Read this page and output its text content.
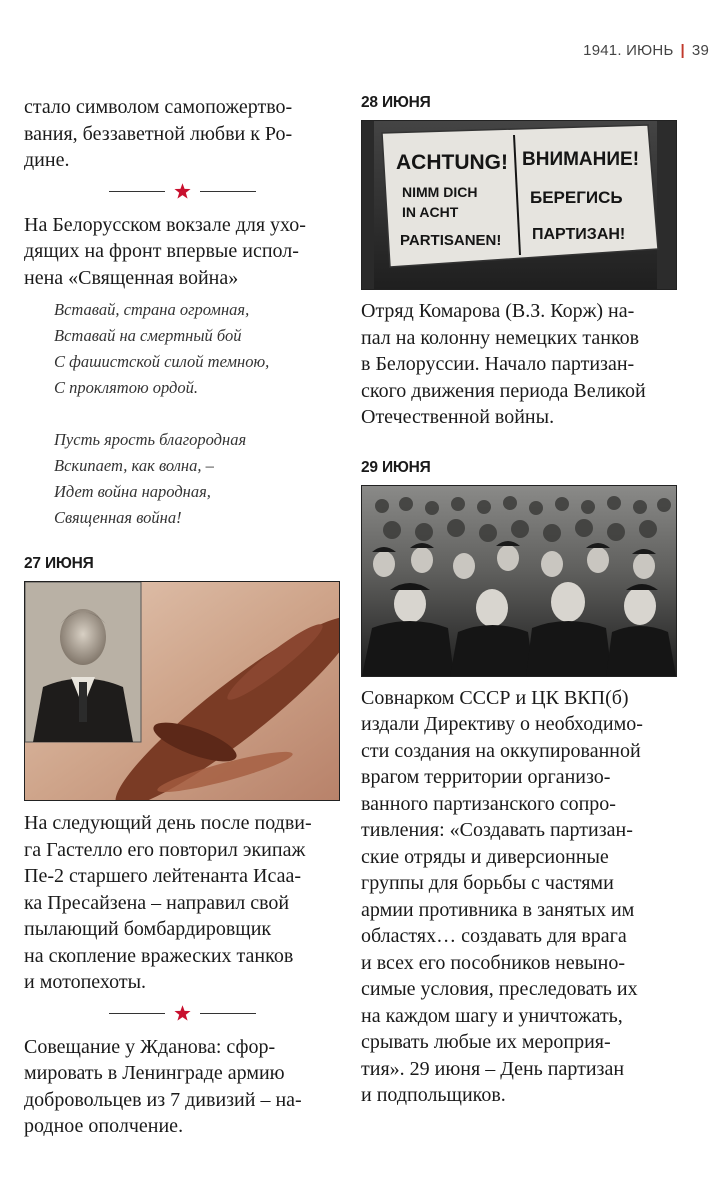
1941. ИЮНЬ | 39

стало символом самопожертво-
вания, беззаветной любви к Ро-
дине.

На Белорусском вокзале для ухо-
дящих на фронт впервые испол-
нена «Священная война»

Вставай, страна огромная,
Вставай на смертный бой
С фашистской силой темною,
С проклятою ордой.
Пусть ярость благородная
Вскипает, как волна, –
Идет война народная,
Священная война!
27 ИЮНЯ

На следующий день после подви-
га Гастелло его повторил экипаж
Пе-2 старшего лейтенанта Исаа-
ка Пресайзена – направил свой
пылающий бомбардировщик
на скопление вражеских танков
и мотопехоты.

Совещание у Жданова: сфор-
мировать в Ленинграде армию
добровольцев из 7 дивизий – на-
родное ополчение.

28 ИЮНЯ
ACHTUNG!
NIMM DICH
IN ACHT
PARTISANEN!
ВНИМАНИЕ!
БЕРЕГИСЬ
ПАРТИЗАН!

Отряд Комарова (В.З. Корж) на-
пал на колонну немецких танков
в Белоруссии. Начало партизан-
ского движения периода Великой
Отечественной войны.

29 ИЮНЯ

Совнарком СССР и ЦК ВКП(б)
издали Директиву о необходимо-
сти создания на оккупированной
врагом территории организо-
ванного партизанского сопро-
тивления: «Создавать партизан-
ские отряды и диверсионные
группы для борьбы с частями
армии противника в занятых им
областях… создавать для врага
и всех его пособников невыно-
симые условия, преследовать их
на каждом шагу и уничтожать,
срывать любые их мероприя-
тия». 29 июня – День партизан
и подпольщиков.
